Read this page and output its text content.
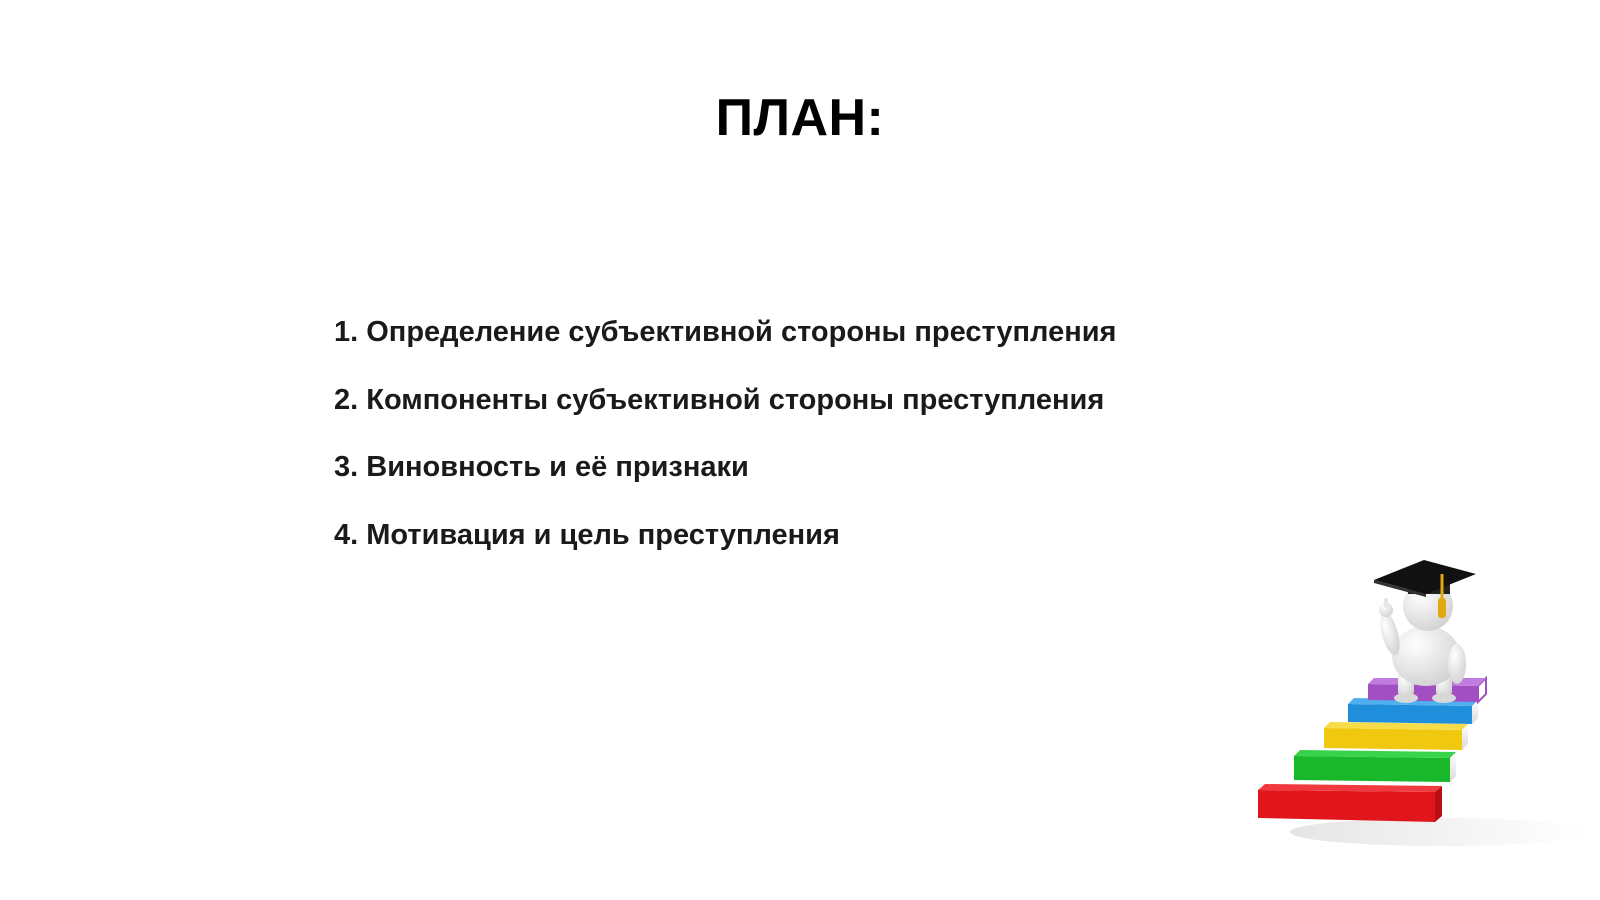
ПЛАН:
1. Определение субъективной стороны преступления
2. Компоненты субъективной стороны преступления
3. Виновность и её признаки
4. Мотивация и цель преступления
